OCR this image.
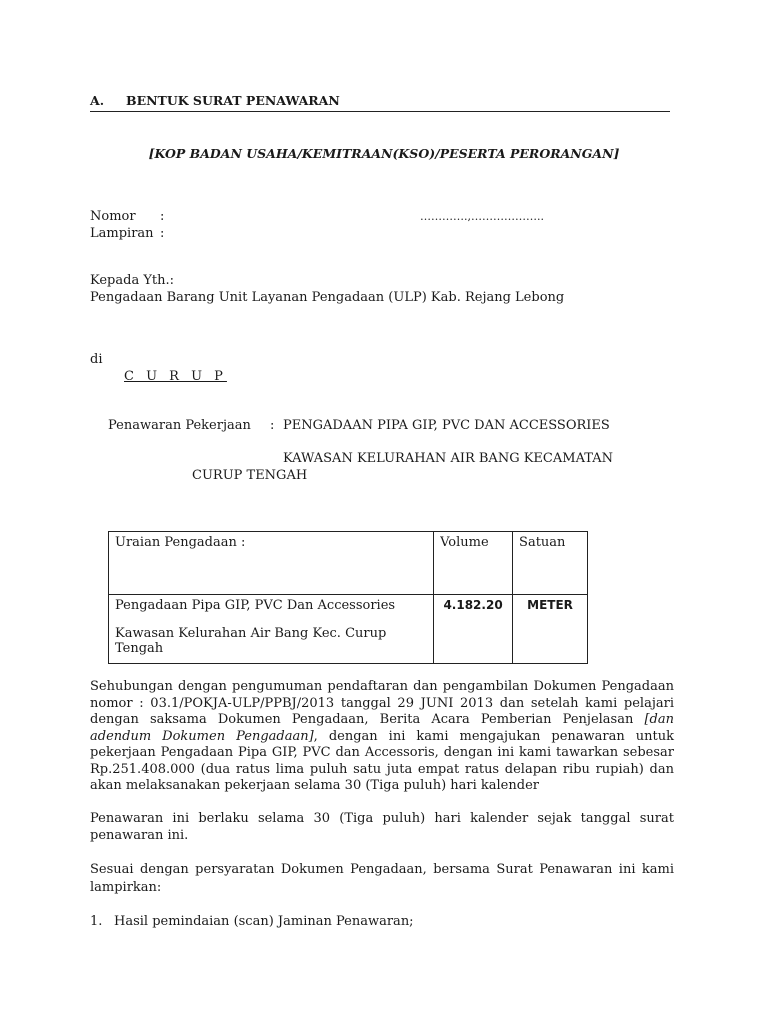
A. BENTUK SURAT PENAWARAN
[KOP BADAN USAHA/KEMITRAAN(KSO)/PESERTA PERORANGAN]
Nomor :	………….,………………..
Lampiran :
Kepada Yth.:
Pengadaan Barang Unit Layanan Pengadaan (ULP) Kab. Rejang Lebong
di
C U R U P
Penawaran Pekerjaan : PENGADAAN PIPA GIP, PVC DAN ACCESSORIES
KAWASAN KELURAHAN AIR BANG KECAMATAN
CURUP TENGAH
Uraian Pengadaan :	Volume	Satuan

Pengadaan Pipa GIP, PVC Dan Accessories
Kawasan Kelurahan Air Bang Kec. Curup Tengah	4.182.20	METER
Sehubungan dengan pengumuman pendaftaran dan pengambilan Dokumen Pengadaan nomor : 03.1/POKJA-ULP/PPBJ/2013 tanggal 29 JUNI 2013 dan setelah kami pelajari dengan saksama Dokumen Pengadaan, Berita Acara Pemberian Penjelasan [dan adendum Dokumen Pengadaan], dengan ini kami mengajukan penawaran untuk pekerjaan Pengadaan Pipa GIP, PVC dan Accessoris, dengan ini kami tawarkan sebesar Rp.251.408.000 (dua ratus lima puluh satu juta empat ratus delapan ribu rupiah) dan akan melaksanakan pekerjaan selama 30 (Tiga puluh) hari kalender
Penawaran ini berlaku selama 30 (Tiga puluh) hari kalender sejak tanggal surat penawaran ini.
Sesuai dengan persyaratan Dokumen Pengadaan, bersama Surat Penawaran ini kami lampirkan:
1. Hasil pemindaian (scan) Jaminan Penawaran;
